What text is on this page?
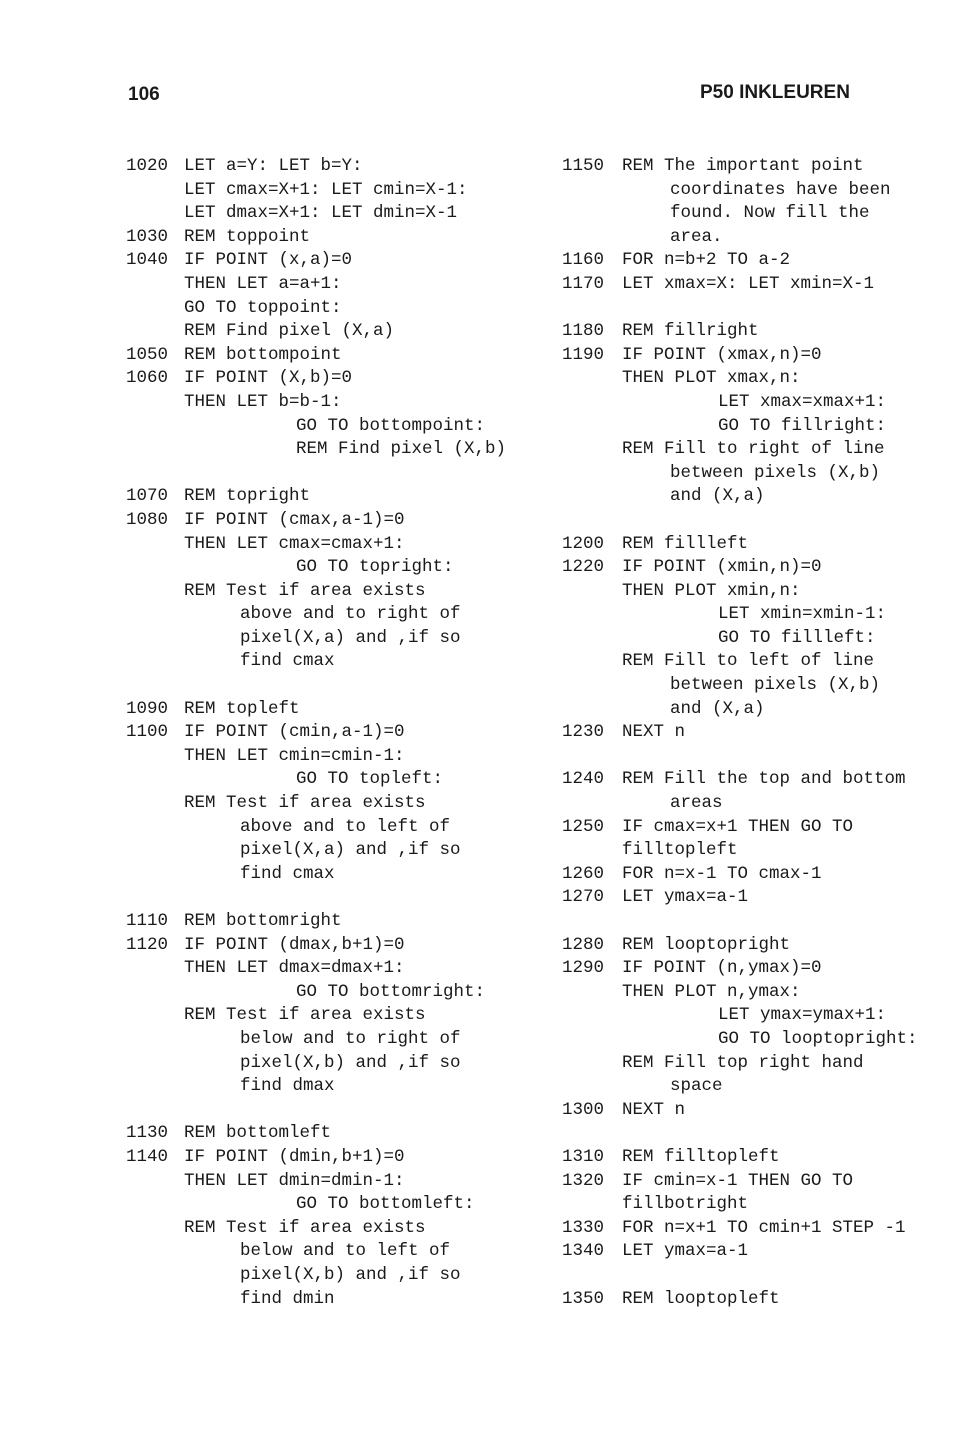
106	P50 INKLEUREN
1020 LET a=Y: LET b=Y:
LET cmax=X+1: LET cmin=X-1:
LET dmax=X+1: LET dmin=X-1
1030 REM toppoint
1040 IF POINT (x,a)=0
THEN LET a=a+1:
GO TO toppoint:
REM Find pixel (X,a)
1050 REM bottompoint
1060 IF POINT (X,b)=0
THEN LET b=b-1:
GO TO bottompoint:
REM Find pixel (X,b)
1070 REM topright
1080 IF POINT (cmax,a-1)=0
THEN LET cmax=cmax+1:
GO TO topright:
REM Test if area exists
above and to right of
pixel(X,a) and ,if so
find cmax
1090 REM topleft
1100 IF POINT (cmin,a-1)=0
THEN LET cmin=cmin-1:
GO TO topleft:
REM Test if area exists
above and to left of
pixel(X,a) and ,if so
find cmax
1110 REM bottomright
1120 IF POINT (dmax,b+1)=0
THEN LET dmax=dmax+1:
GO TO bottomright:
REM Test if area exists
below and to right of
pixel(X,b) and ,if so
find dmax
1130 REM bottomleft
1140 IF POINT (dmin,b+1)=0
THEN LET dmin=dmin-1:
GO TO bottomleft:
REM Test if area exists
below and to left of
pixel(X,b) and ,if so
find dmin
1150 REM The important point
coordinates have been
found. Now fill the
area.
1160 FOR n=b+2 TO a-2
1170 LET xmax=X: LET xmin=X-1
1180 REM fillright
1190 IF POINT (xmax,n)=0
THEN PLOT xmax,n:
LET xmax=xmax+1:
GO TO fillright:
REM Fill to right of line
between pixels (X,b)
and (X,a)
1200 REM fillleft
1220 IF POINT (xmin,n)=0
THEN PLOT xmin,n:
LET xmin=xmin-1:
GO TO fillleft:
REM Fill to left of line
between pixels (X,b)
and (X,a)
1230 NEXT n
1240 REM Fill the top and bottom
areas
1250 IF cmax=x+1 THEN GO TO
filltopleft
1260 FOR n=x-1 TO cmax-1
1270 LET ymax=a-1
1280 REM looptopright
1290 IF POINT (n,ymax)=0
THEN PLOT n,ymax:
LET ymax=ymax+1:
GO TO looptopright:
REM Fill top right hand
space
1300 NEXT n
1310 REM filltopleft
1320 IF cmin=x-1 THEN GO TO
fillbotright
1330 FOR n=x+1 TO cmin+1 STEP -1
1340 LET ymax=a-1
1350 REM looptopleft
